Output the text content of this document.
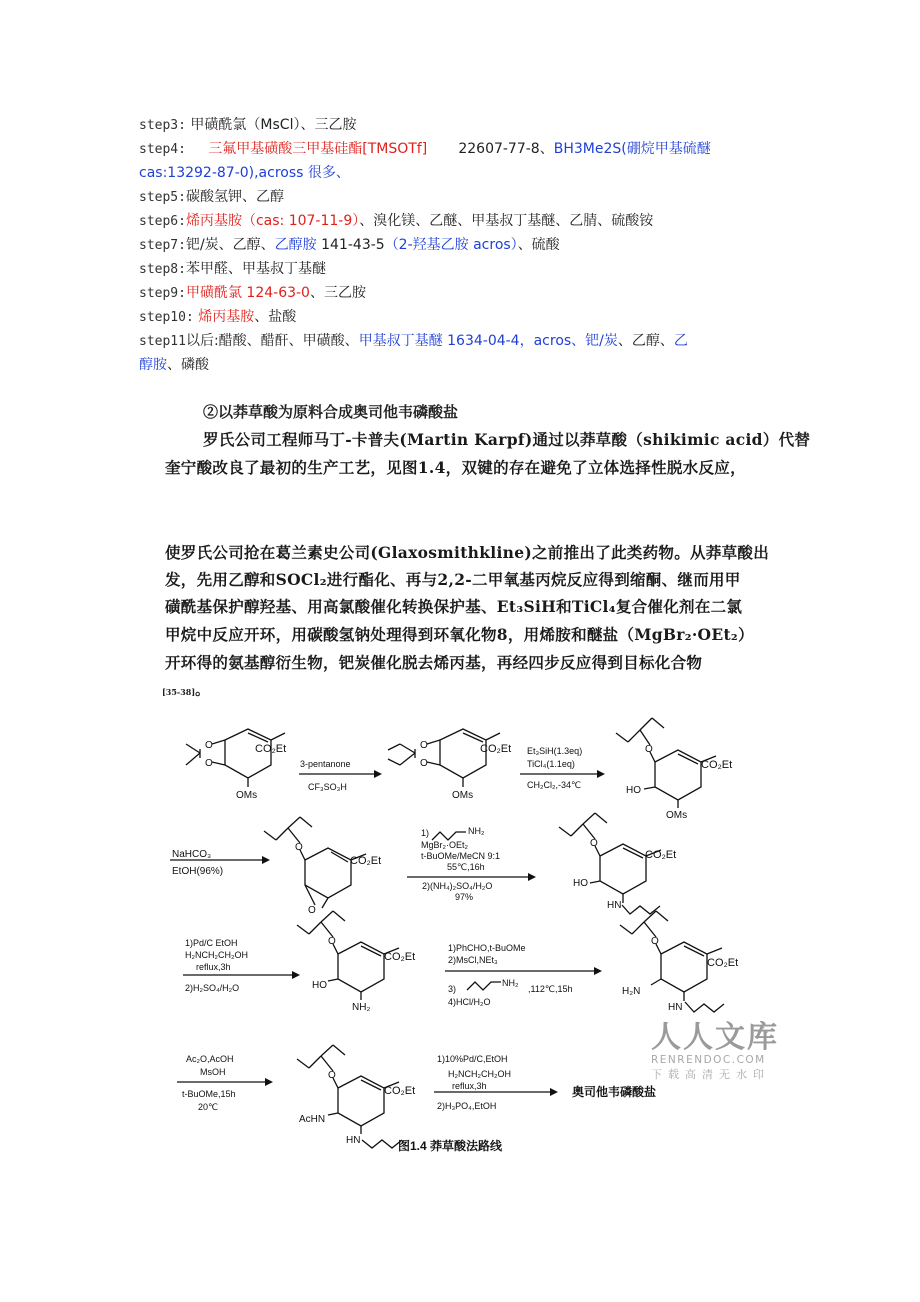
step3: 甲磺酰氯（MsCl）、三乙胺
step4: 三氟甲基磺酸三甲基硅酯[TMSOTf] 22607-77-8、BH3Me2S(硼烷甲基硫醚
cas:13292-87-0),across 很多、
step5:碳酸氢钾、乙醇
step6:烯丙基胺（cas: 107-11-9）、溴化镁、乙醚、甲基叔丁基醚、乙腈、硫酸铵
step7:钯/炭、乙醇、乙醇胺 141-43-5（2-羟基乙胺 acros）、硫酸
step8:苯甲醛、甲基叔丁基醚
step9:甲磺酰氯 124-63-0、三乙胺
step10: 烯丙基胺、盐酸
step11以后:醋酸、醋酐、甲磺酸、甲基叔丁基醚 1634-04-4，acros、钯/炭、乙醇、乙
醇胺、磷酸
②以莽草酸为原料合成奥司他韦磷酸盐
罗氏公司工程师马丁-卡普夫(Martin Karpf)通过以莽草酸（shikimic acid）代替
奎宁酸改良了最初的生产工艺，见图1.4，双键的存在避免了立体选择性脱水反应，
使罗氏公司抢在葛兰素史公司(Glaxosmithkline)之前推出了此类药物。从莽草酸出
发，先用乙醇和SOCl₂进行酯化、再与2,2-二甲氧基丙烷反应得到缩酮、继而用甲
磺酰基保护醇羟基、用高氯酸催化转换保护基、Et₃SiH和TiCl₄复合催化剂在二氯
甲烷中反应开环，用碳酸氢钠处理得到环氧化物8，用烯胺和醚盐（MgBr₂·OEt₂）
开环得的氨基醇衍生物，钯炭催化脱去烯丙基，再经四步反应得到目标化合物
[35-38]。
O
O
CO₂Et
OMs
O
O
CO₂Et
OMs
3-pentanone
CF₃SO₃H
Et₃SiH(1.3eq)
TiCl₄(1.1eq)
CH₂Cl₂,-34℃
O
CO₂Et
HO
OMs
NaHCO₃
EtOH(96%)
O
CO₂Et
O
1)	NH₂
MgBr₂·OEt₂
t-BuOMe/MeCN 9:1
55℃,16h
2)(NH₄)₂SO₄/H₂O
97%
O
CO₂Et
HO
HN
1)Pd/C EtOH
H₂NCH₂CH₂OH
reflux,3h
2)H₂SO₄/H₂O
O
CO₂Et
HO
NH₂
1)PhCHO,t-BuOMe
2)MsCl,NEt₃
3)
NH₂
,112℃,15h
4)HCl/H₂O
O
CO₂Et
H₂N
HN
Ac₂O,AcOH
MsOH
t-BuOMe,15h
20℃
O
CO₂Et
AcHN
HN
1)10%Pd/C,EtOH
H₂NCH₂CH₂OH
reflux,3h
2)H₃PO₄,EtOH
奥司他韦磷酸盐
图1.4 莽草酸法路线
人人文库
RENRENDOC.COM
下载高清无水印
